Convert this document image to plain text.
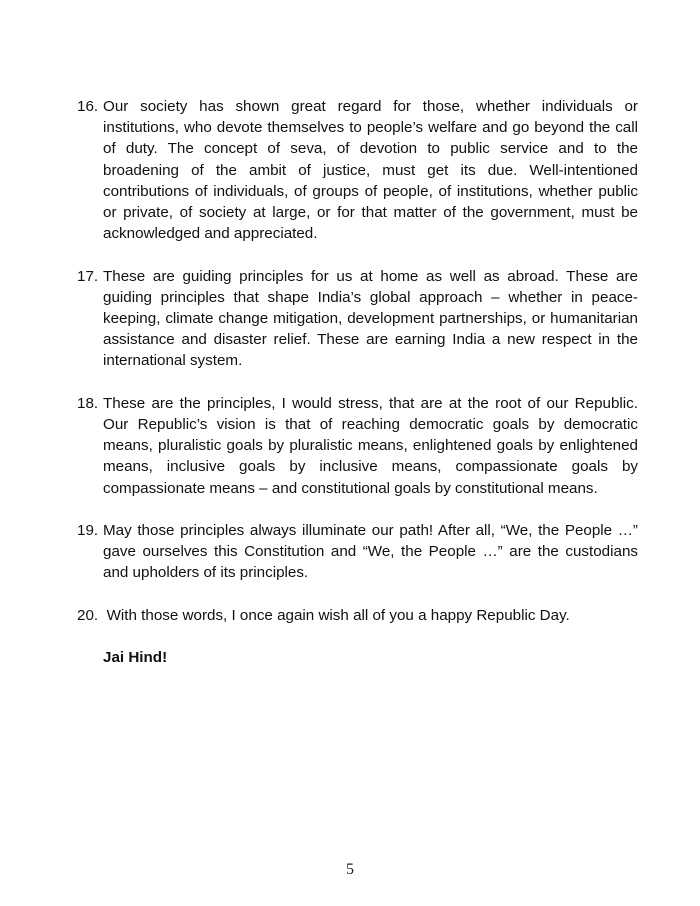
16. Our society has shown great regard for those, whether individuals or institutions, who devote themselves to people’s welfare and go beyond the call of duty. The concept of seva, of devotion to public service and to the broadening of the ambit of justice, must get its due. Well-intentioned contributions of individuals, of groups of people, of institutions, whether public or private, of society at large, or for that matter of the government, must be acknowledged and appreciated.
17. These are guiding principles for us at home as well as abroad. These are guiding principles that shape India’s global approach – whether in peace-keeping, climate change mitigation, development partnerships, or humanitarian assistance and disaster relief. These are earning India a new respect in the international system.
18. These are the principles, I would stress, that are at the root of our Republic. Our Republic’s vision is that of reaching democratic goals by democratic means, pluralistic goals by pluralistic means, enlightened goals by enlightened means, inclusive goals by inclusive means, compassionate goals by compassionate means – and constitutional goals by constitutional means.
19. May those principles always illuminate our path! After all, “We, the People …” gave ourselves this Constitution and “We, the People …” are the custodians and upholders of its principles.
20. With those words, I once again wish all of you a happy Republic Day.

Jai Hind!

5
